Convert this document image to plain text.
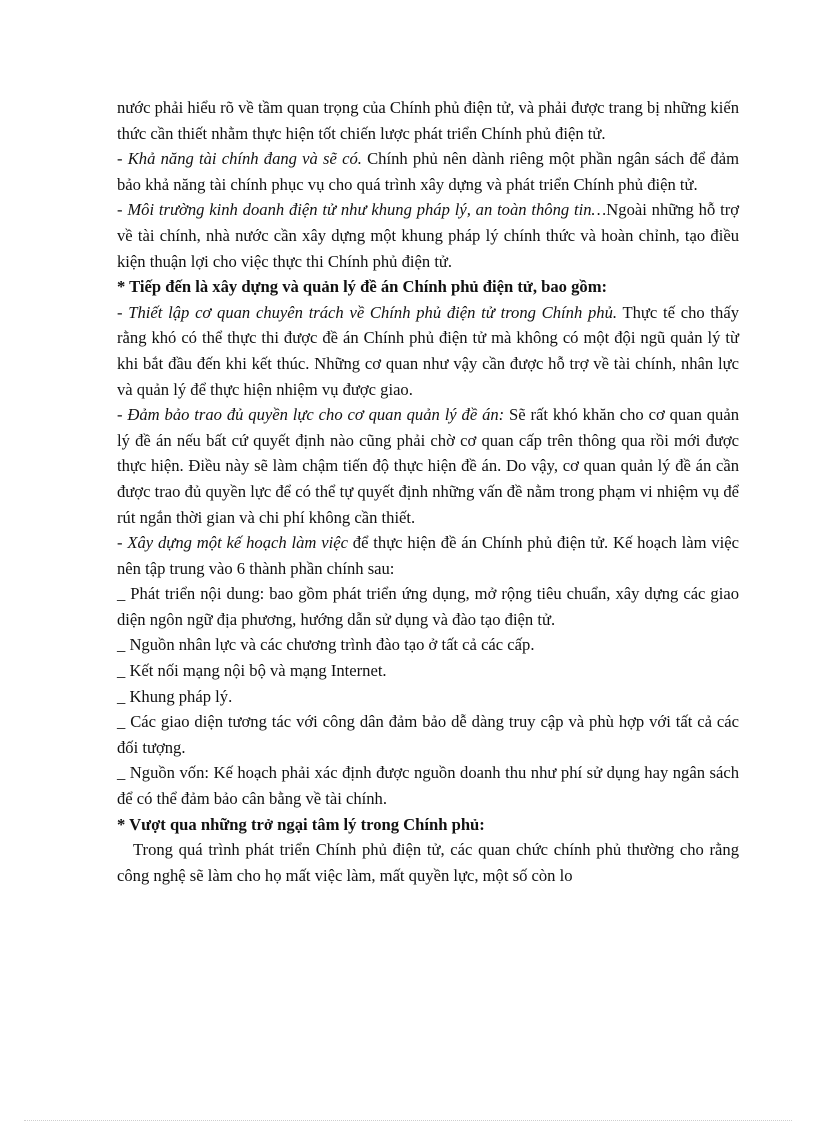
nước phải hiểu rõ về tầm quan trọng của Chính phủ điện tử, và phải được trang bị những kiến thức cần thiết nhằm thực hiện tốt chiến lược phát triển Chính phủ điện tử.

- Khả năng tài chính đang và sẽ có. Chính phủ nên dành riêng một phần ngân sách để đảm bảo khả năng tài chính phục vụ cho quá trình xây dựng và phát triển Chính phủ điện tử.

- Môi trường kinh doanh điện tử như khung pháp lý, an toàn thông tin…Ngoài những hỗ trợ về tài chính, nhà nước cần xây dựng một khung pháp lý chính thức và hoàn chỉnh, tạo điều kiện thuận lợi cho việc thực thi Chính phủ điện tử.

* Tiếp đến là xây dựng và quản lý đề án Chính phủ điện tử, bao gồm:

- Thiết lập cơ quan chuyên trách về Chính phủ điện tử trong Chính phủ. Thực tế cho thấy rằng khó có thể thực thi được đề án Chính phủ điện tử mà không có một đội ngũ quản lý từ khi bắt đầu đến khi kết thúc. Những cơ quan như vậy cần được hỗ trợ về tài chính, nhân lực và quản lý để thực hiện nhiệm vụ được giao.

- Đảm bảo trao đủ quyền lực cho cơ quan quản lý đề án: Sẽ rất khó khăn cho cơ quan quản lý đề án nếu bất cứ quyết định nào cũng phải chờ cơ quan cấp trên thông qua rồi mới được thực hiện. Điều này sẽ làm chậm tiến độ thực hiện đề án. Do vậy, cơ quan quản lý đề án cần được trao đủ quyền lực để có thể tự quyết định những vấn đề nằm trong phạm vi nhiệm vụ để rút ngắn thời gian và chi phí không cần thiết.

- Xây dựng một kế hoạch làm việc để thực hiện đề án Chính phủ điện tử. Kế hoạch làm việc nên tập trung vào 6 thành phần chính sau:

_ Phát triển nội dung: bao gồm phát triển ứng dụng, mở rộng tiêu chuẩn, xây dựng các giao diện ngôn ngữ địa phương, hướng dẫn sử dụng và đào tạo điện tử.

_ Nguồn nhân lực và các chương trình đào tạo ở tất cả các cấp.

_ Kết nối mạng nội bộ và mạng Internet.

_ Khung pháp lý.

_ Các giao diện tương tác với công dân đảm bảo dễ dàng truy cập và phù hợp với tất cả các đối tượng.

_ Nguồn vốn: Kế hoạch phải xác định được nguồn doanh thu như phí sử dụng hay ngân sách để có thể đảm bảo cân bằng về tài chính.

* Vượt qua những trở ngại tâm lý trong Chính phủ:

Trong quá trình phát triển Chính phủ điện tử, các quan chức chính phủ thường cho rằng công nghệ sẽ làm cho họ mất việc làm, mất quyền lực, một số còn lo
